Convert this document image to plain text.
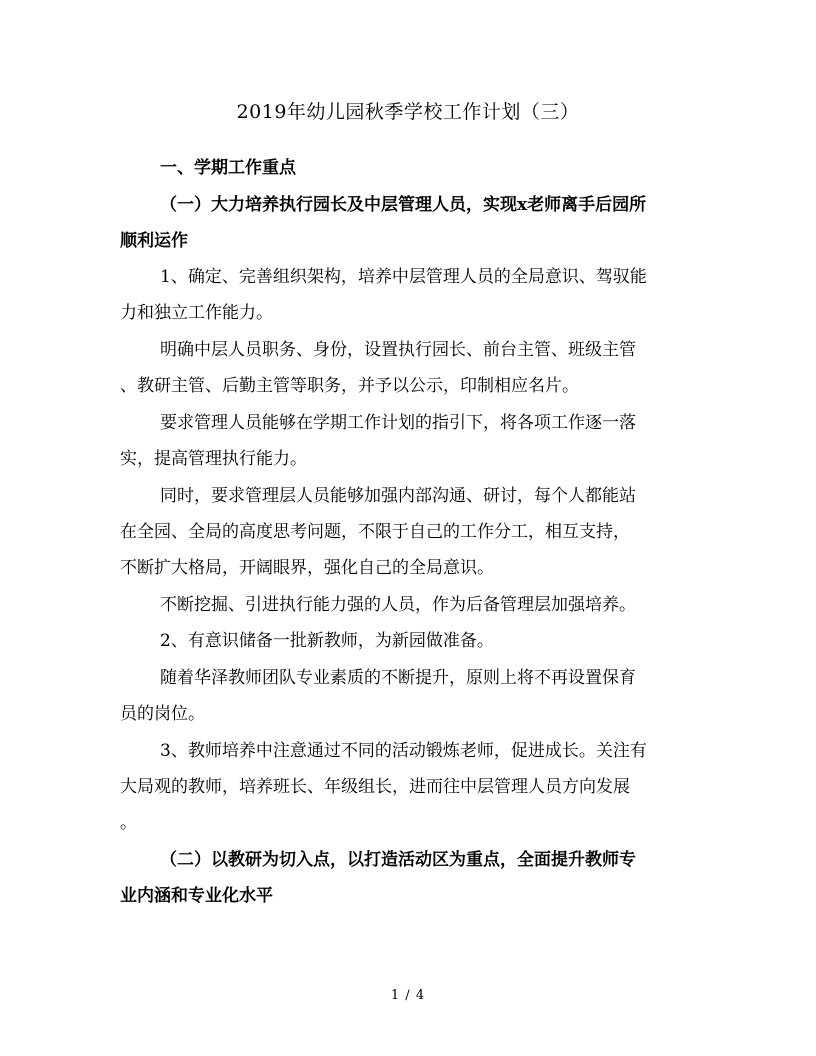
2019年幼儿园秋季学校工作计划（三）
一、学期工作重点
（一）大力培养执行园长及中层管理人员，实现x老师离手后园所
顺利运作
1、确定、完善组织架构，培养中层管理人员的全局意识、驾驭能
力和独立工作能力。
明确中层人员职务、身份，设置执行园长、前台主管、班级主管
、教研主管、后勤主管等职务，并予以公示，印制相应名片。
要求管理人员能够在学期工作计划的指引下，将各项工作逐一落
实，提高管理执行能力。
同时，要求管理层人员能够加强内部沟通、研讨，每个人都能站
在全园、全局的高度思考问题，不限于自己的工作分工，相互支持，
不断扩大格局，开阔眼界，强化自己的全局意识。
不断挖掘、引进执行能力强的人员，作为后备管理层加强培养。
2、有意识储备一批新教师，为新园做准备。
随着华泽教师团队专业素质的不断提升，原则上将不再设置保育
员的岗位。
3、教师培养中注意通过不同的活动锻炼老师，促进成长。关注有
大局观的教师，培养班长、年级组长，进而往中层管理人员方向发展
。
（二）以教研为切入点，以打造活动区为重点，全面提升教师专
业内涵和专业化水平
1 / 4
